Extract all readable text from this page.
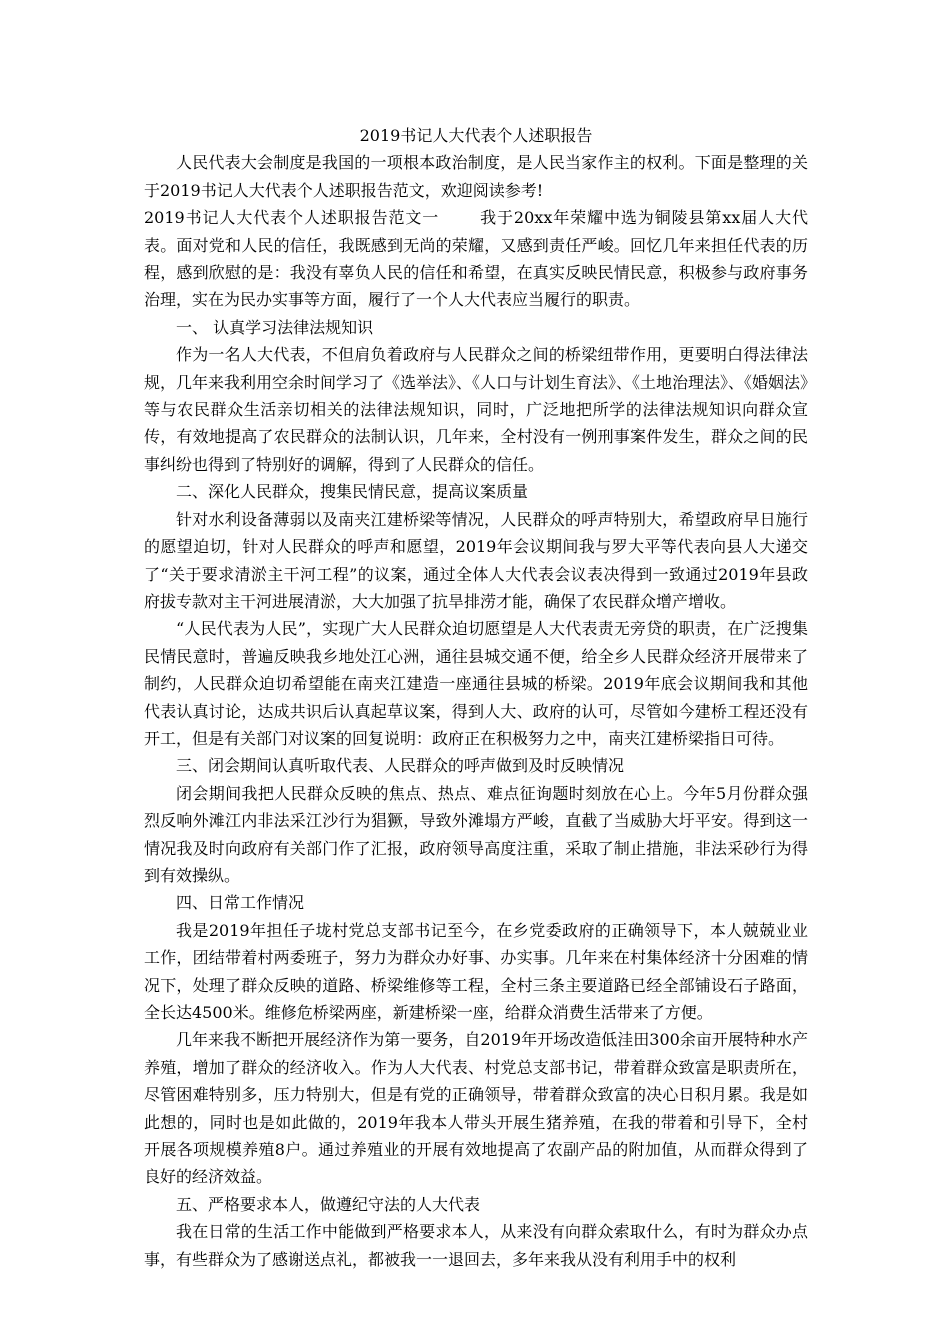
2019书记人大代表个人述职报告

人民代表大会制度是我国的一项根本政治制度，是人民当家作主的权利。下面是整理的关于2019书记人大代表个人述职报告范文，欢迎阅读参考!

2019书记人大代表个人述职报告范文一	我于20xx年荣耀中选为铜陵县第xx届人大代表。面对党和人民的信任，我既感到无尚的荣耀，又感到责任严峻。回忆几年来担任代表的历程，感到欣慰的是：我没有辜负人民的信任和希望，在真实反映民情民意，积极参与政府事务治理，实在为民办实事等方面，履行了一个人大代表应当履行的职责。

一、 认真学习法律法规知识

作为一名人大代表，不但肩负着政府与人民群众之间的桥梁纽带作用，更要明白得法律法规，几年来我利用空余时间学习了《选举法》、《人口与计划生育法》、《土地治理法》、《婚姻法》等与农民群众生活亲切相关的法律法规知识，同时，广泛地把所学的法律法规知识向群众宣传，有效地提高了农民群众的法制认识，几年来，全村没有一例刑事案件发生，群众之间的民事纠纷也得到了特别好的调解，得到了人民群众的信任。

二、深化人民群众，搜集民情民意，提高议案质量

针对水利设备薄弱以及南夹江建桥梁等情况，人民群众的呼声特别大，希望政府早日施行的愿望迫切，针对人民群众的呼声和愿望，2019年会议期间我与罗大平等代表向县人大递交了“关于要求清淤主干河工程”的议案，通过全体人大代表会议表决得到一致通过2019年县政府拔专款对主干河进展清淤，大大加强了抗旱排涝才能，确保了农民群众增产增收。

“人民代表为人民”，实现广大人民群众迫切愿望是人大代表责无旁贷的职责，在广泛搜集民情民意时，普遍反映我乡地处江心洲，通往县城交通不便，给全乡人民群众经济开展带来了制约，人民群众迫切希望能在南夹江建造一座通往县城的桥梁。2019年底会议期间我和其他代表认真讨论，达成共识后认真起草议案，得到人大、政府的认可，尽管如今建桥工程还没有开工，但是有关部门对议案的回复说明：政府正在积极努力之中，南夹江建桥梁指日可待。

三、闭会期间认真听取代表、人民群众的呼声做到及时反映情况

闭会期间我把人民群众反映的焦点、热点、难点征询题时刻放在心上。今年5月份群众强烈反响外滩江内非法采江沙行为猖獗，导致外滩塌方严峻，直截了当威胁大圩平安。得到这一情况我及时向政府有关部门作了汇报，政府领导高度注重，采取了制止措施，非法采砂行为得到有效操纵。

四、日常工作情况

我是2019年担任子垅村党总支部书记至今，在乡党委政府的正确领导下，本人兢兢业业工作，团结带着村两委班子，努力为群众办好事、办实事。几年来在村集体经济十分困难的情况下，处理了群众反映的道路、桥梁维修等工程，全村三条主要道路已经全部铺设石子路面，全长达4500米。维修危桥梁两座，新建桥梁一座，给群众消费生活带来了方便。

几年来我不断把开展经济作为第一要务，自2019年开场改造低洼田300余亩开展特种水产养殖，增加了群众的经济收入。作为人大代表、村党总支部书记，带着群众致富是职责所在，尽管困难特别多，压力特别大，但是有党的正确领导，带着群众致富的决心日积月累。我是如此想的，同时也是如此做的，2019年我本人带头开展生猪养殖，在我的带着和引导下，全村开展各项规模养殖8户。通过养殖业的开展有效地提高了农副产品的附加值，从而群众得到了良好的经济效益。

五、严格要求本人，做遵纪守法的人大代表

我在日常的生活工作中能做到严格要求本人，从来没有向群众索取什么，有时为群众办点事，有些群众为了感谢送点礼，都被我一一退回去，多年来我从没有利用手中的权利
